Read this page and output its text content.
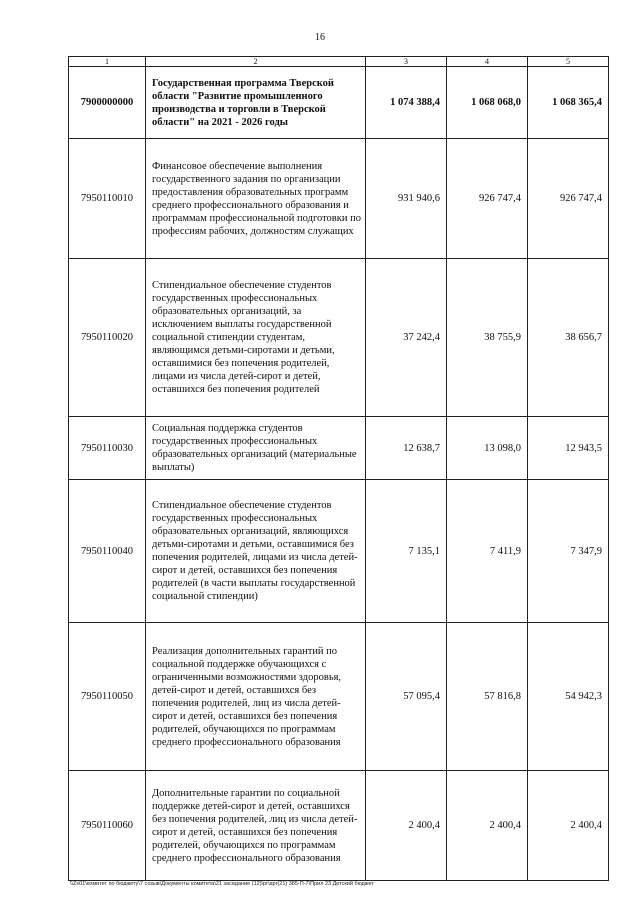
16
1	2	3	4	5
7900000000	Государственная программа Тверской области "Развитие промышленного производства и торговли в Тверской области" на 2021 - 2026 годы	1 074 388,4	1 068 068,0	1 068 365,4
7950110010	Финансовое обеспечение выполнения государственного задания по организации предоставления образовательных программ среднего профессионального образования и программам профессиональной подготовки по профессиям рабочих, должностям служащих	931 940,6	926 747,4	926 747,4
7950110020	Стипендиальное обеспечение студентов государственных профессиональных образовательных организаций, за исключением выплаты государственной социальной стипендии студентам, являющимся детьми-сиротами и детьми, оставшимися без попечения родителей, лицами из числа детей-сирот и детей, оставшихся без попечения родителей	37 242,4	38 755,9	38 656,7
7950110030	Социальная поддержка студентов государственных профессиональных образовательных организаций (материальные выплаты)	12 638,7	13 098,0	12 943,5
7950110040	Стипендиальное обеспечение студентов государственных профессиональных образовательных организаций, являющихся детьми-сиротами и детьми, оставшимися без попечения родителей, лицами из числа детей-сирот и детей, оставшихся без попечения родителей (в части выплаты государственной социальной стипендии)	7 135,1	7 411,9	7 347,9
7950110050	Реализация дополнительных гарантий по социальной поддержке обучающихся с ограниченными возможностями здоровья, детей-сирот и детей, оставшихся без попечения родителей, лиц из числа детей-сирот и детей, оставшихся без попечения родителей, обучающихся по программам среднего профессионального образования	57 095,4	57 816,8	54 942,3
7950110060	Дополнительные гарантии по социальной поддержке детей-сирот и детей, оставшихся без попечения родителей, лиц из числа детей-сирот и детей, оставшихся без попечения родителей, обучающихся по программам среднего профессионального образования	2 400,4	2 400,4	2 400,4
\\Zs01\комитет по бюджету\7 созыв\Документы комитета\21 заседание (12)\pr\apr(21) 385-П-7\Прил 23 Детский бюджет
